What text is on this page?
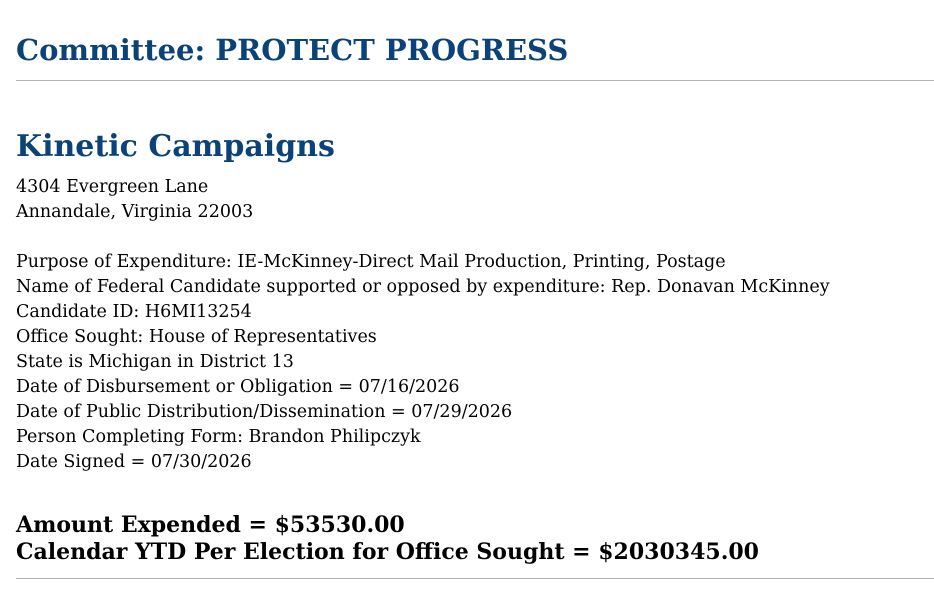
Committee: PROTECT PROGRESS
Kinetic Campaigns
4304 Evergreen Lane
Annandale, Virginia 22003
Purpose of Expenditure: IE-McKinney-Direct Mail Production, Printing, Postage
Name of Federal Candidate supported or opposed by expenditure: Rep. Donavan McKinney
Candidate ID: H6MI13254
Office Sought: House of Representatives
State is Michigan in District 13
Date of Disbursement or Obligation = 07/16/2026
Date of Public Distribution/Dissemination = 07/29/2026
Person Completing Form: Brandon Philipczyk
Date Signed = 07/30/2026
Amount Expended = $53530.00
Calendar YTD Per Election for Office Sought = $2030345.00
